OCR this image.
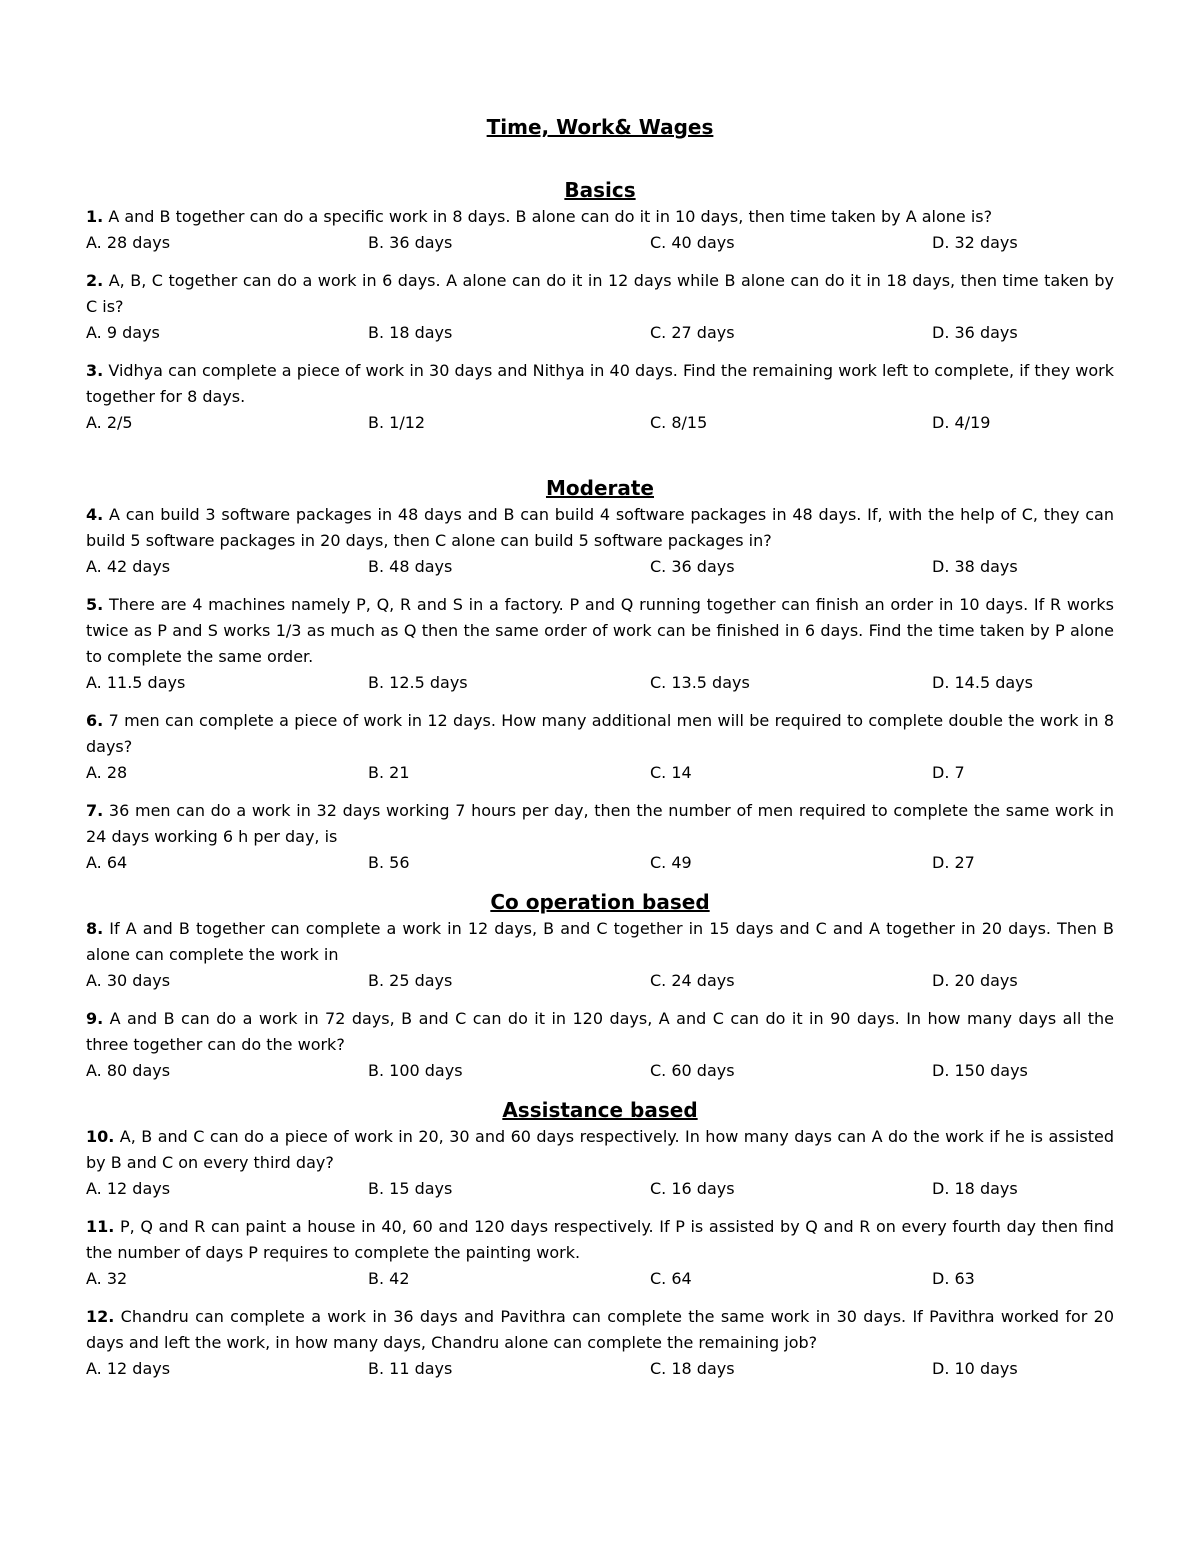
Time, Work& Wages
Basics
1. A and B together can do a specific work in 8 days. B alone can do it in 10 days, then time taken by A alone is?
A. 28 days	B. 36 days	C. 40 days	D. 32 days
2. A, B, C together can do a work in 6 days. A alone can do it in 12 days while B alone can do it in 18 days, then time taken by C is?
A. 9 days	B. 18 days	C. 27 days	D. 36 days
3. Vidhya can complete a piece of work in 30 days and Nithya in 40 days. Find the remaining work left to complete, if they work together for 8 days.
A. 2/5	B. 1/12	C. 8/15	D. 4/19
Moderate
4. A can build 3 software packages in 48 days and B can build 4 software packages in 48 days. If, with the help of C, they can build 5 software packages in 20 days, then C alone can build 5 software packages in?
A. 42 days	B. 48 days	C. 36 days	D. 38 days
5. There are 4 machines namely P, Q, R and S in a factory. P and Q running together can finish an order in 10 days. If R works twice as P and S works 1/3 as much as Q then the same order of work can be finished in 6 days. Find the time taken by P alone to complete the same order.
A. 11.5 days	B. 12.5 days	C. 13.5 days	D. 14.5 days
6. 7 men can complete a piece of work in 12 days. How many additional men will be required to complete double the work in 8 days?
A. 28	B. 21	C. 14	D. 7
7. 36 men can do a work in 32 days working 7 hours per day, then the number of men required to complete the same work in 24 days working 6 h per day, is
A. 64	B. 56	C. 49	D. 27
Co operation based
8. If A and B together can complete a work in 12 days, B and C together in 15 days and C and A together in 20 days. Then B alone can complete the work in
A. 30 days	B. 25 days	C. 24 days	D. 20 days
9. A and B can do a work in 72 days, B and C can do it in 120 days, A and C can do it in 90 days. In how many days all the three together can do the work?
A. 80 days	B. 100 days	C. 60 days	D. 150 days
Assistance based
10. A, B and C can do a piece of work in 20, 30 and 60 days respectively. In how many days can A do the work if he is assisted by B and C on every third day?
A. 12 days	B. 15 days	C. 16 days	D. 18 days
11. P, Q and R can paint a house in 40, 60 and 120 days respectively. If P is assisted by Q and R on every fourth day then find the number of days P requires to complete the painting work.
A. 32	B. 42	C. 64	D. 63
12. Chandru can complete a work in 36 days and Pavithra can complete the same work in 30 days. If Pavithra worked for 20 days and left the work, in how many days, Chandru alone can complete the remaining job?
A. 12 days	B. 11 days	C. 18 days	D. 10 days
